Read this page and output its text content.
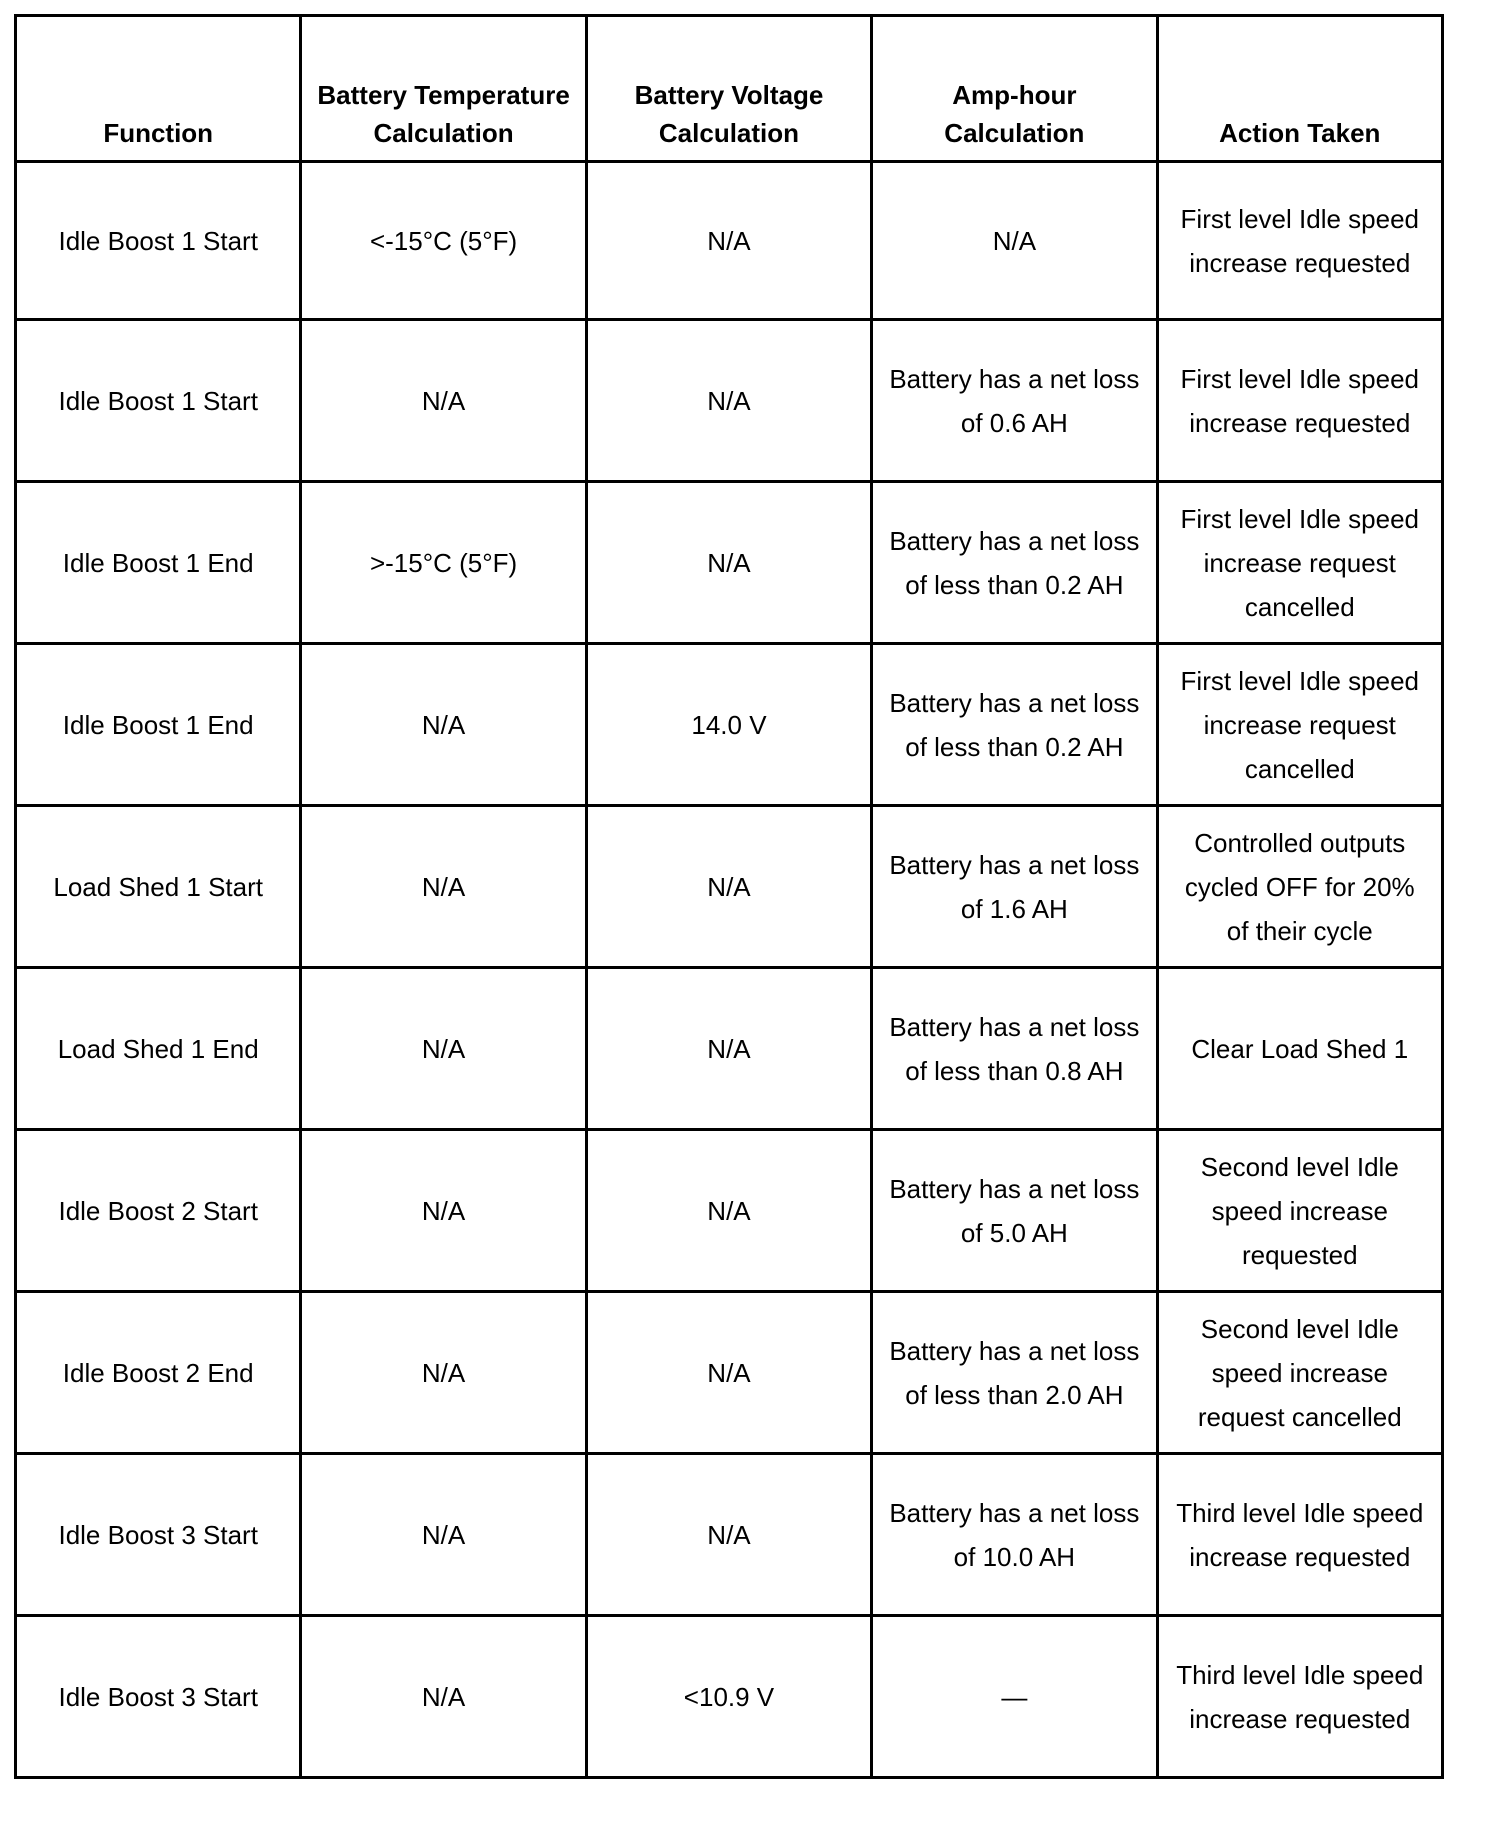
Function	Battery Temperature Calculation	Battery Voltage Calculation	Amp-hour Calculation	Action Taken
Idle Boost 1 Start	<-15°C (5°F)	N/A	N/A	First level Idle speed increase requested
Idle Boost 1 Start	N/A	N/A	Battery has a net loss of 0.6 AH	First level Idle speed increase requested
Idle Boost 1 End	>-15°C (5°F)	N/A	Battery has a net loss of less than 0.2 AH	First level Idle speed increase request cancelled
Idle Boost 1 End	N/A	14.0 V	Battery has a net loss of less than 0.2 AH	First level Idle speed increase request cancelled
Load Shed 1 Start	N/A	N/A	Battery has a net loss of 1.6 AH	Controlled outputs cycled OFF for 20% of their cycle
Load Shed 1 End	N/A	N/A	Battery has a net loss of less than 0.8 AH	Clear Load Shed 1
Idle Boost 2 Start	N/A	N/A	Battery has a net loss of 5.0 AH	Second level Idle speed increase requested
Idle Boost 2 End	N/A	N/A	Battery has a net loss of less than 2.0 AH	Second level Idle speed increase request cancelled
Idle Boost 3 Start	N/A	N/A	Battery has a net loss of 10.0 AH	Third level Idle speed increase requested
Idle Boost 3 Start	N/A	<10.9 V	—	Third level Idle speed increase requested
